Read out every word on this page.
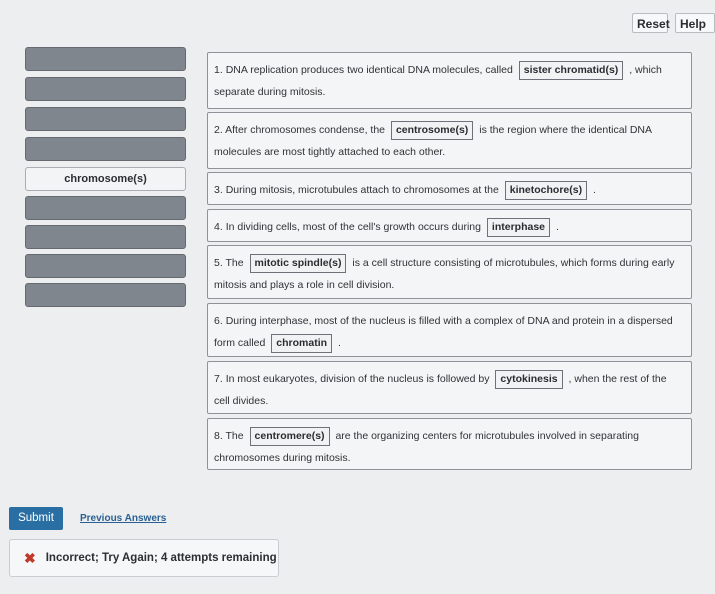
Reset Help
chromosome(s)
1. DNA replication produces two identical DNA molecules, called sister chromatid(s) , which separate during mitosis.
2. After chromosomes condense, the centrosome(s) is the region where the identical DNA molecules are most tightly attached to each other.
3. During mitosis, microtubules attach to chromosomes at the kinetochore(s) .
4. In dividing cells, most of the cell's growth occurs during interphase .
5. The mitotic spindle(s) is a cell structure consisting of microtubules, which forms during early mitosis and plays a role in cell division.
6. During interphase, most of the nucleus is filled with a complex of DNA and protein in a dispersed form called chromatin .
7. In most eukaryotes, division of the nucleus is followed by cytokinesis , when the rest of the cell divides.
8. The centromere(s) are the organizing centers for microtubules involved in separating chromosomes during mitosis.
Submit	Previous Answers
✖ Incorrect; Try Again; 4 attempts remaining
